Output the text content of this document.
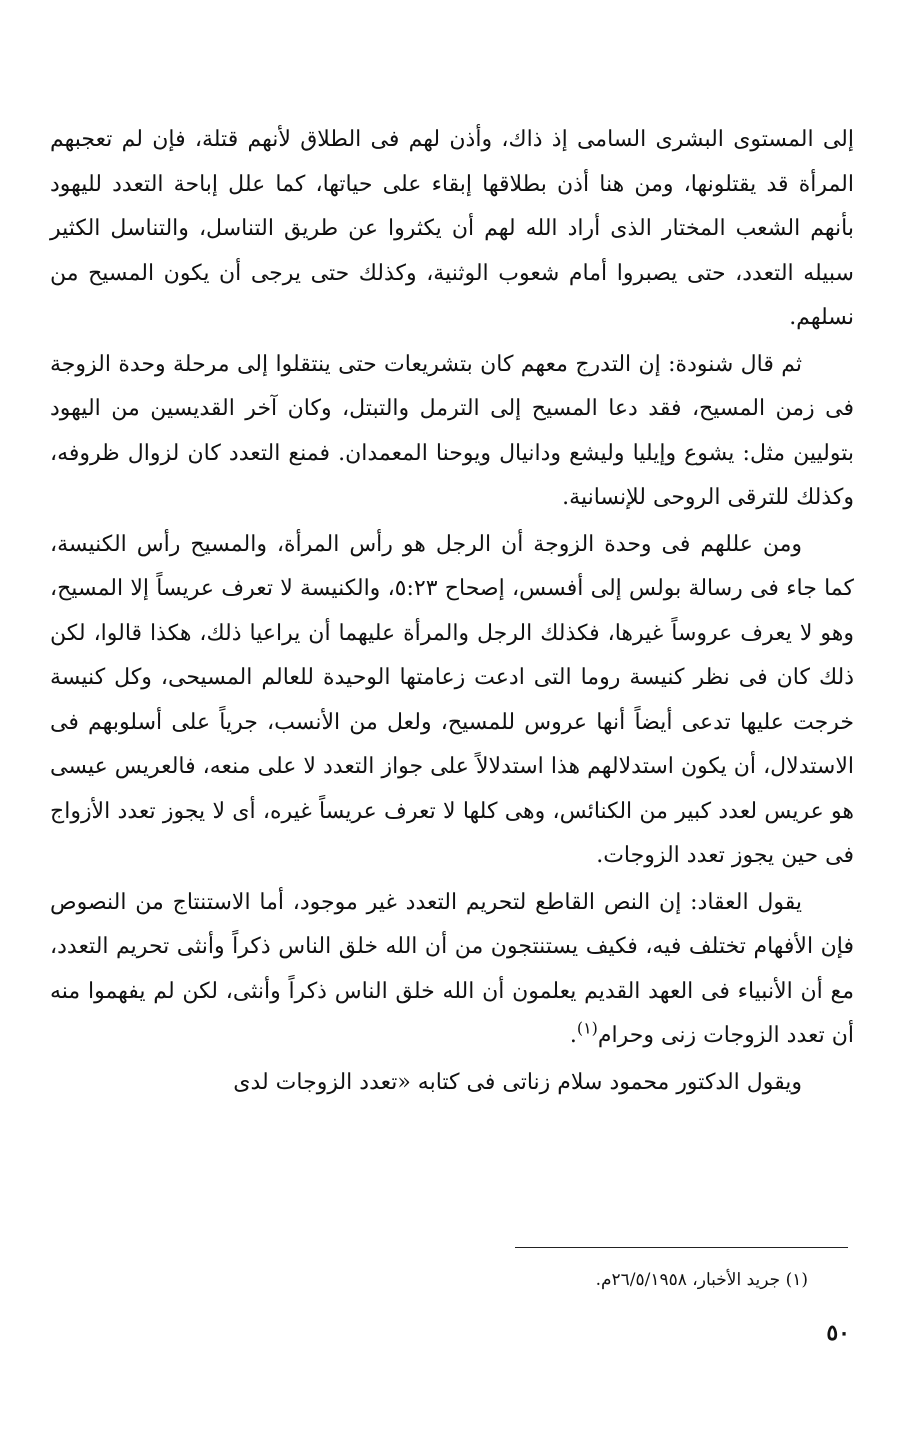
إلى المستوى البشرى السامى إذ ذاك، وأذن لهم فى الطلاق لأنهم قتلة، فإن لم تعجبهم المرأة قد يقتلونها، ومن هنا أذن بطلاقها إبقاء على حياتها، كما علل إباحة التعدد لليهود بأنهم الشعب المختار الذى أراد الله لهم أن يكثروا عن طريق التناسل، والتناسل الكثير سبيله التعدد، حتى يصبروا أمام شعوب الوثنية، وكذلك حتى يرجى أن يكون المسيح من نسلهم.

ثم قال شنودة: إن التدرج معهم كان بتشريعات حتى ينتقلوا إلى مرحلة وحدة الزوجة فى زمن المسيح، فقد دعا المسيح إلى الترمل والتبتل، وكان آخر القديسين من اليهود بتوليين مثل: يشوع وإيليا وليشع ودانيال ويوحنا المعمدان. فمنع التعدد كان لزوال ظروفه، وكذلك للترقى الروحى للإنسانية.

ومن عللهم فى وحدة الزوجة أن الرجل هو رأس المرأة، والمسيح رأس الكنيسة، كما جاء فى رسالة بولس إلى أفسس، إصحاح ٥:٢٣، والكنيسة لا تعرف عريساً إلا المسيح، وهو لا يعرف عروساً غيرها، فكذلك الرجل والمرأة عليهما أن يراعيا ذلك، هكذا قالوا، لكن ذلك كان فى نظر كنيسة روما التى ادعت زعامتها الوحيدة للعالم المسيحى، وكل كنيسة خرجت عليها تدعى أيضاً أنها عروس للمسيح، ولعل من الأنسب، جرياً على أسلوبهم فى الاستدلال، أن يكون استدلالهم هذا استدلالاً على جواز التعدد لا على منعه، فالعريس عيسى هو عريس لعدد كبير من الكنائس، وهى كلها لا تعرف عريساً غيره، أى لا يجوز تعدد الأزواج فى حين يجوز تعدد الزوجات.

يقول العقاد: إن النص القاطع لتحريم التعدد غير موجود، أما الاستنتاج من النصوص فإن الأفهام تختلف فيه، فكيف يستنتجون من أن الله خلق الناس ذكراً وأنثى تحريم التعدد، مع أن الأنبياء فى العهد القديم يعلمون أن الله خلق الناس ذكراً وأنثى، لكن لم يفهموا منه أن تعدد الزوجات زنى وحرام$^{(١)}$.

ويقول الدكتور محمود سلام زناتى فى كتابه «تعدد الزوجات لدى

(١) جريد الأخبار، ٢٦/٥/١٩٥٨م.
٥٠
